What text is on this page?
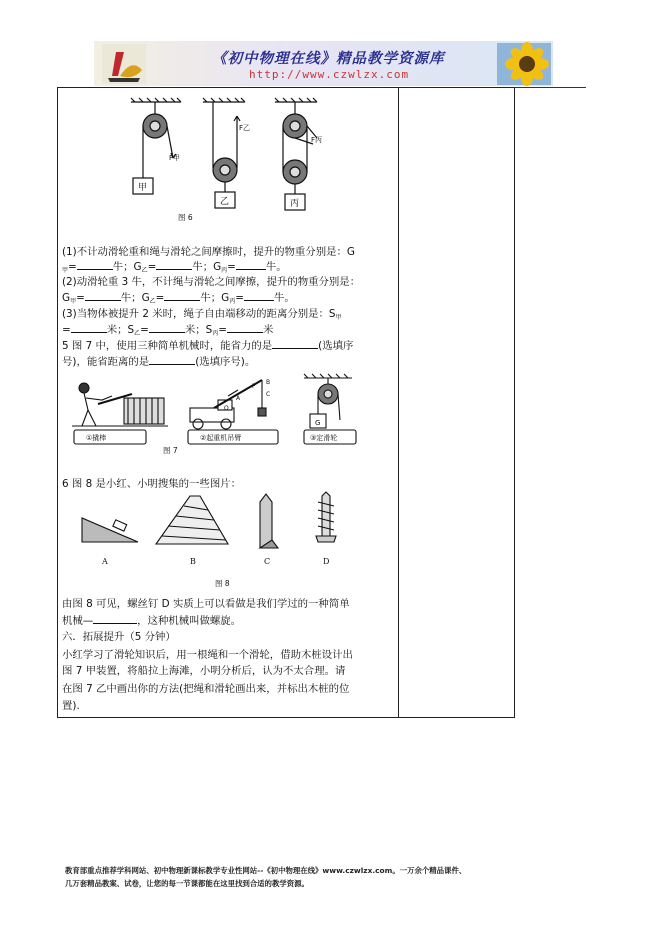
《初中物理在线》精品教学资源库
http://www.czwlzx.com
甲
乙	丙
F甲
F乙
F丙
图 6
(1)不计动滑轮重和绳与滑轮之间摩擦时，提升的物重分别是：G
$_甲$=	牛；$G_乙=$	牛；$G_丙=$	牛。
(2)动滑轮重 3 牛，不计绳与滑轮之间摩擦，提升的物重分别是：
$G_甲=$	牛；$G_乙=$	牛；$G_丙=$	牛。
(3)当物体被提升 2 米时，绳子自由端移动的距离分别是：$S_甲$
=	米；$S_乙=$	米；$S_丙=$	米
5 图 7 中，使用三种简单机械时，能省力的是	(选填序
号)，能省距离的是	(选填序号)。
F
A
O
B
C
G
①撬棒	②起重机吊臂	③定滑轮
图 7
6 图 8 是小红、小明搜集的一些图片：
A	B	C	D
图 8
由图 8 可见，螺丝钉 D 实质上可以看做是我们学过的一种简单
机械—	，这种机械叫做螺旋。
六．拓展提升（5 分钟）
小红学习了滑轮知识后，用一根绳和一个滑轮，借助木桩设计出
图 7 甲装置，将船拉上海滩，小明分析后，认为不太合理。请
在图 7 乙中画出你的方法(把绳和滑轮画出来，并标出木桩的位
置).
教育部重点推荐学科网站、初中物理新课标教学专业性网站--《初中物理在线》www.czwlzx.com。一万余个精品课件、
几万套精品教案、试卷，让您的每一节课都能在这里找到合适的教学资源。
